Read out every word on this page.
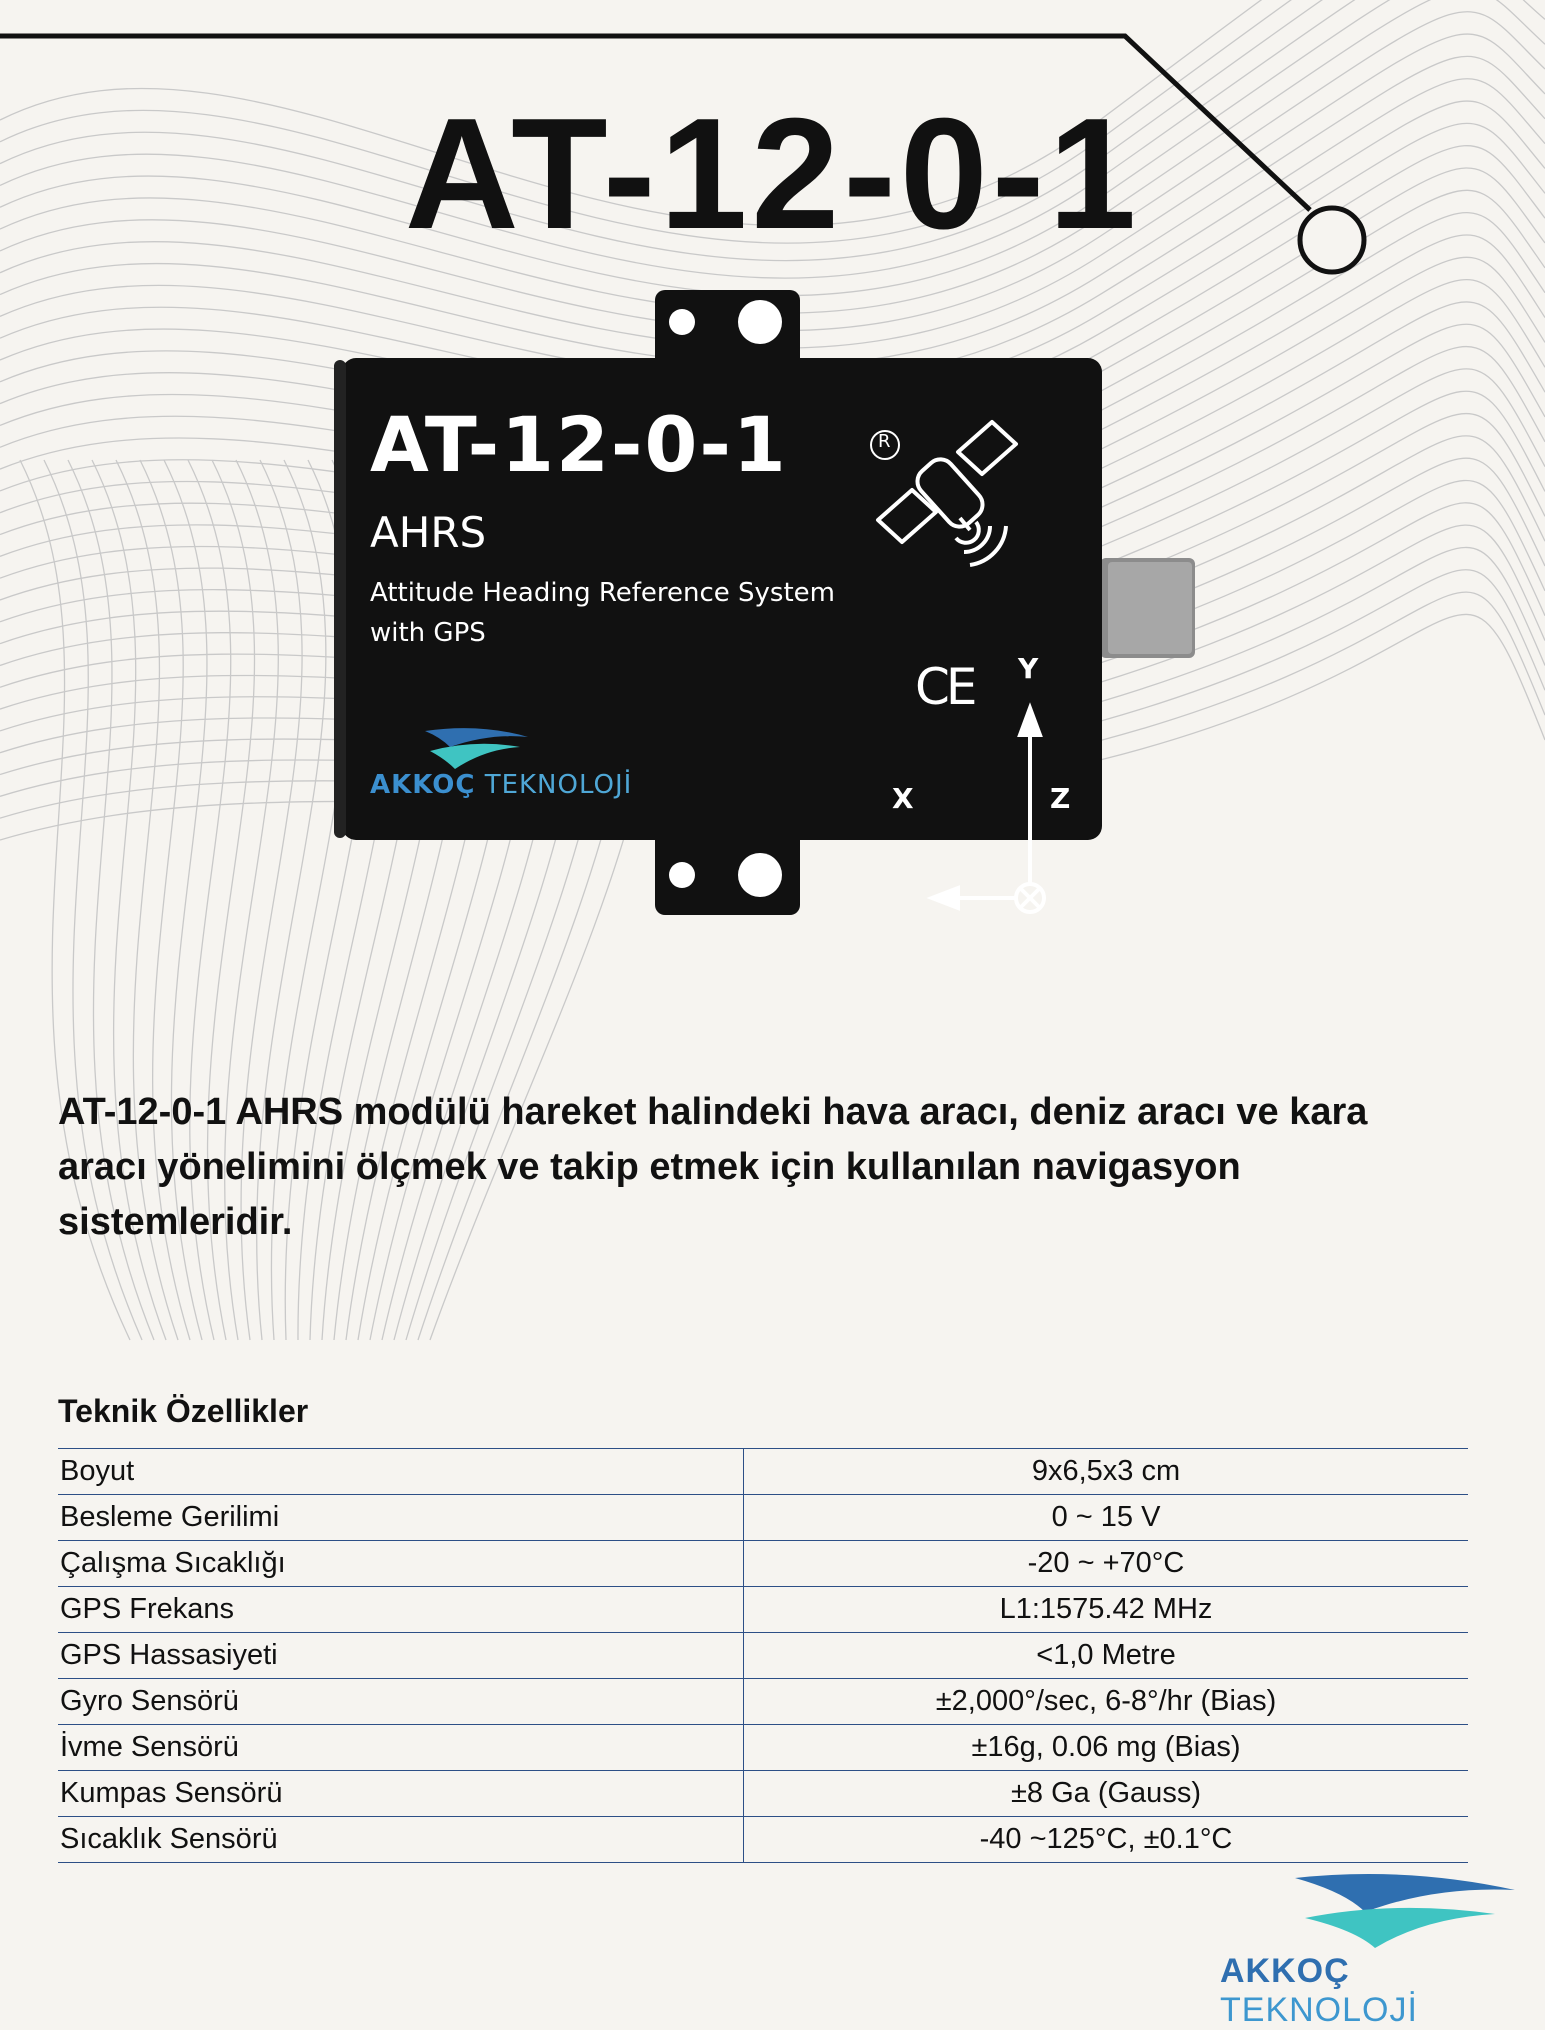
AT-12-0-1
AT-12-0-1
AHRS
Attitude Heading Reference System
with GPS
AKKOÇ TEKNOLOJİ
R
CE Y
X	Z
AT-12-0-1 AHRS modülü hareket halindeki hava aracı, deniz aracı ve kara aracı yönelimini ölçmek ve takip etmek için kullanılan navigasyon sistemleridir.
Teknik Özellikler
Boyut	9x6,5x3 cm
Besleme Gerilimi	0 ~ 15 V
Çalışma Sıcaklığı	-20 ~ +70°C
GPS Frekans	L1:1575.42 MHz
GPS Hassasiyeti	<1,0 Metre
Gyro Sensörü	±2,000°/sec, 6-8°/hr (Bias)
İvme Sensörü	±16g, 0.06 mg (Bias)
Kumpas Sensörü	±8 Ga (Gauss)
Sıcaklık Sensörü	-40 ~125°C, ±0.1°C
AKKOÇ TEKNOLOJİ
